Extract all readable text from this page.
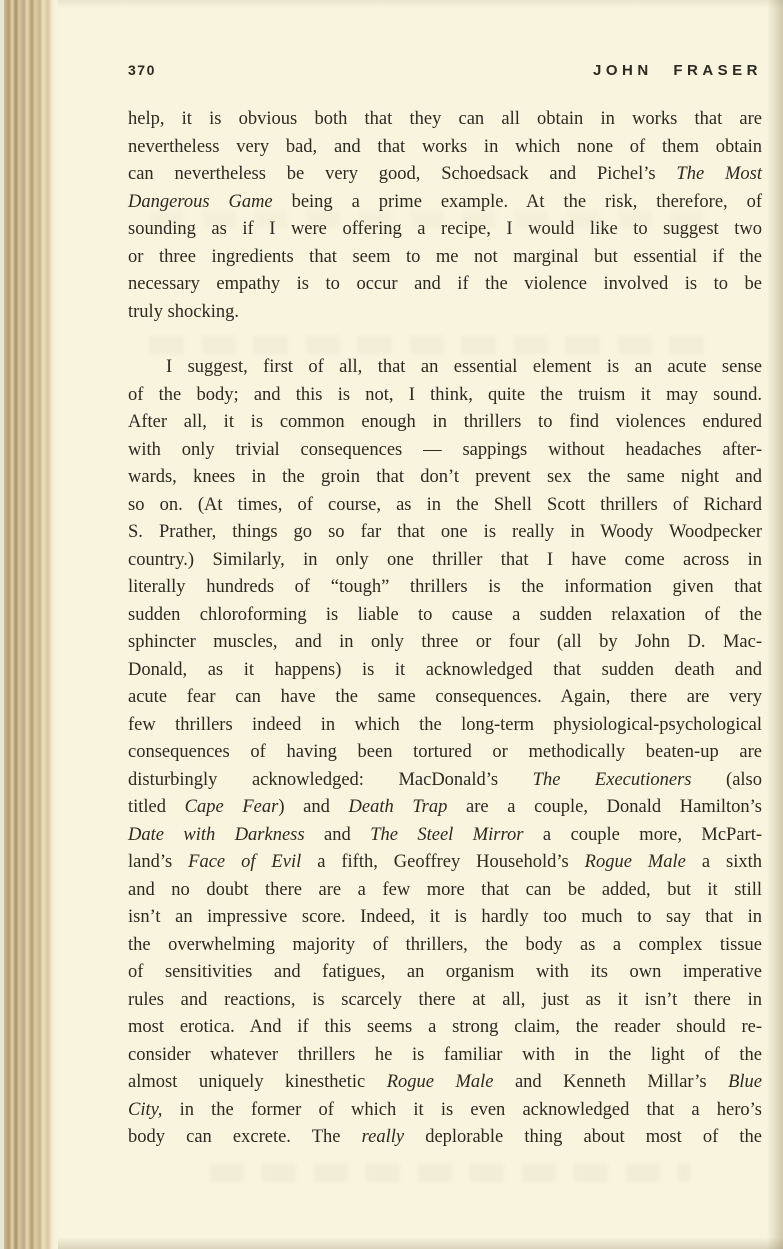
370	JOHN FRASER
help, it is obvious both that they can all obtain in works that are
nevertheless very bad, and that works in which none of them obtain
can nevertheless be very good, Schoedsack and Pichel’s The Most
Dangerous Game being a prime example. At the risk, therefore, of
sounding as if I were offering a recipe, I would like to suggest two
or three ingredients that seem to me not marginal but essential if the
necessary empathy is to occur and if the violence involved is to be
truly shocking.
I suggest, first of all, that an essential element is an acute sense
of the body; and this is not, I think, quite the truism it may sound.
After all, it is common enough in thrillers to find violences endured
with only trivial consequences — sappings without headaches after-
wards, knees in the groin that don’t prevent sex the same night and
so on. (At times, of course, as in the Shell Scott thrillers of Richard
S. Prather, things go so far that one is really in Woody Woodpecker
country.) Similarly, in only one thriller that I have come across in
literally hundreds of “tough” thrillers is the information given that
sudden chloroforming is liable to cause a sudden relaxation of the
sphincter muscles, and in only three or four (all by John D. Mac-
Donald, as it happens) is it acknowledged that sudden death and
acute fear can have the same consequences. Again, there are very
few thrillers indeed in which the long-term physiological-psychological
consequences of having been tortured or methodically beaten-up are
disturbingly acknowledged: MacDonald’s The Executioners (also
titled Cape Fear) and Death Trap are a couple, Donald Hamilton’s
Date with Darkness and The Steel Mirror a couple more, McPart-
land’s Face of Evil a fifth, Geoffrey Household’s Rogue Male a sixth
and no doubt there are a few more that can be added, but it still
isn’t an impressive score. Indeed, it is hardly too much to say that in
the overwhelming majority of thrillers, the body as a complex tissue
of sensitivities and fatigues, an organism with its own imperative
rules and reactions, is scarcely there at all, just as it isn’t there in
most erotica. And if this seems a strong claim, the reader should re-
consider whatever thrillers he is familiar with in the light of the
almost uniquely kinesthetic Rogue Male and Kenneth Millar’s Blue
City, in the former of which it is even acknowledged that a hero’s
body can excrete. The really deplorable thing about most of the
